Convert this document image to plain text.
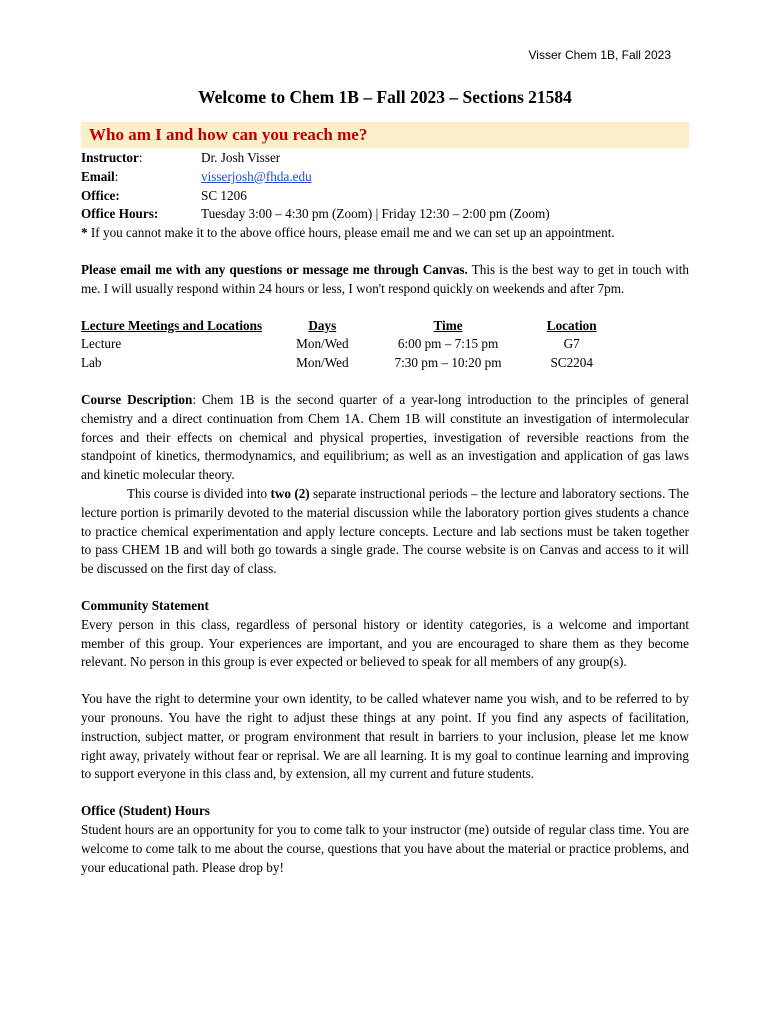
Visser Chem 1B, Fall 2023
Welcome to Chem 1B – Fall 2023 – Sections 21584
Who am I and how can you reach me?
Instructor:	Dr. Josh Visser
Email:	visserjosh@fhda.edu
Office:	SC 1206
Office Hours:	Tuesday 3:00 – 4:30 pm (Zoom) | Friday 12:30 – 2:00 pm (Zoom)
* If you cannot make it to the above office hours, please email me and we can set up an appointment.

Please email me with any questions or message me through Canvas. This is the best way to get in touch with me. I will usually respond within 24 hours or less, I won't respond quickly on weekends and after 7pm.

Lecture Meetings and Locations	Days	Time	Location
Lecture	Mon/Wed	6:00 pm – 7:15 pm	G7
Lab	Mon/Wed	7:30 pm – 10:20 pm	SC2204

Course Description: Chem 1B is the second quarter of a year-long introduction to the principles of general chemistry and a direct continuation from Chem 1A. Chem 1B will constitute an investigation of intermolecular forces and their effects on chemical and physical properties, investigation of reversible reactions from the standpoint of kinetics, thermodynamics, and equilibrium; as well as an investigation and application of gas laws and kinetic molecular theory.

This course is divided into two (2) separate instructional periods – the lecture and laboratory sections. The lecture portion is primarily devoted to the material discussion while the laboratory portion gives students a chance to practice chemical experimentation and apply lecture concepts. Lecture and lab sections must be taken together to pass CHEM 1B and will both go towards a single grade. The course website is on Canvas and access to it will be discussed on the first day of class.

Community Statement

Every person in this class, regardless of personal history or identity categories, is a welcome and important member of this group. Your experiences are important, and you are encouraged to share them as they become relevant. No person in this group is ever expected or believed to speak for all members of any group(s).

You have the right to determine your own identity, to be called whatever name you wish, and to be referred to by your pronouns. You have the right to adjust these things at any point. If you find any aspects of facilitation, instruction, subject matter, or program environment that result in barriers to your inclusion, please let me know right away, privately without fear or reprisal. We are all learning. It is my goal to continue learning and improving to support everyone in this class and, by extension, all my current and future students.

Office (Student) Hours

Student hours are an opportunity for you to come talk to your instructor (me) outside of regular class time. You are welcome to come talk to me about the course, questions that you have about the material or practice problems, and your educational path. Please drop by!
